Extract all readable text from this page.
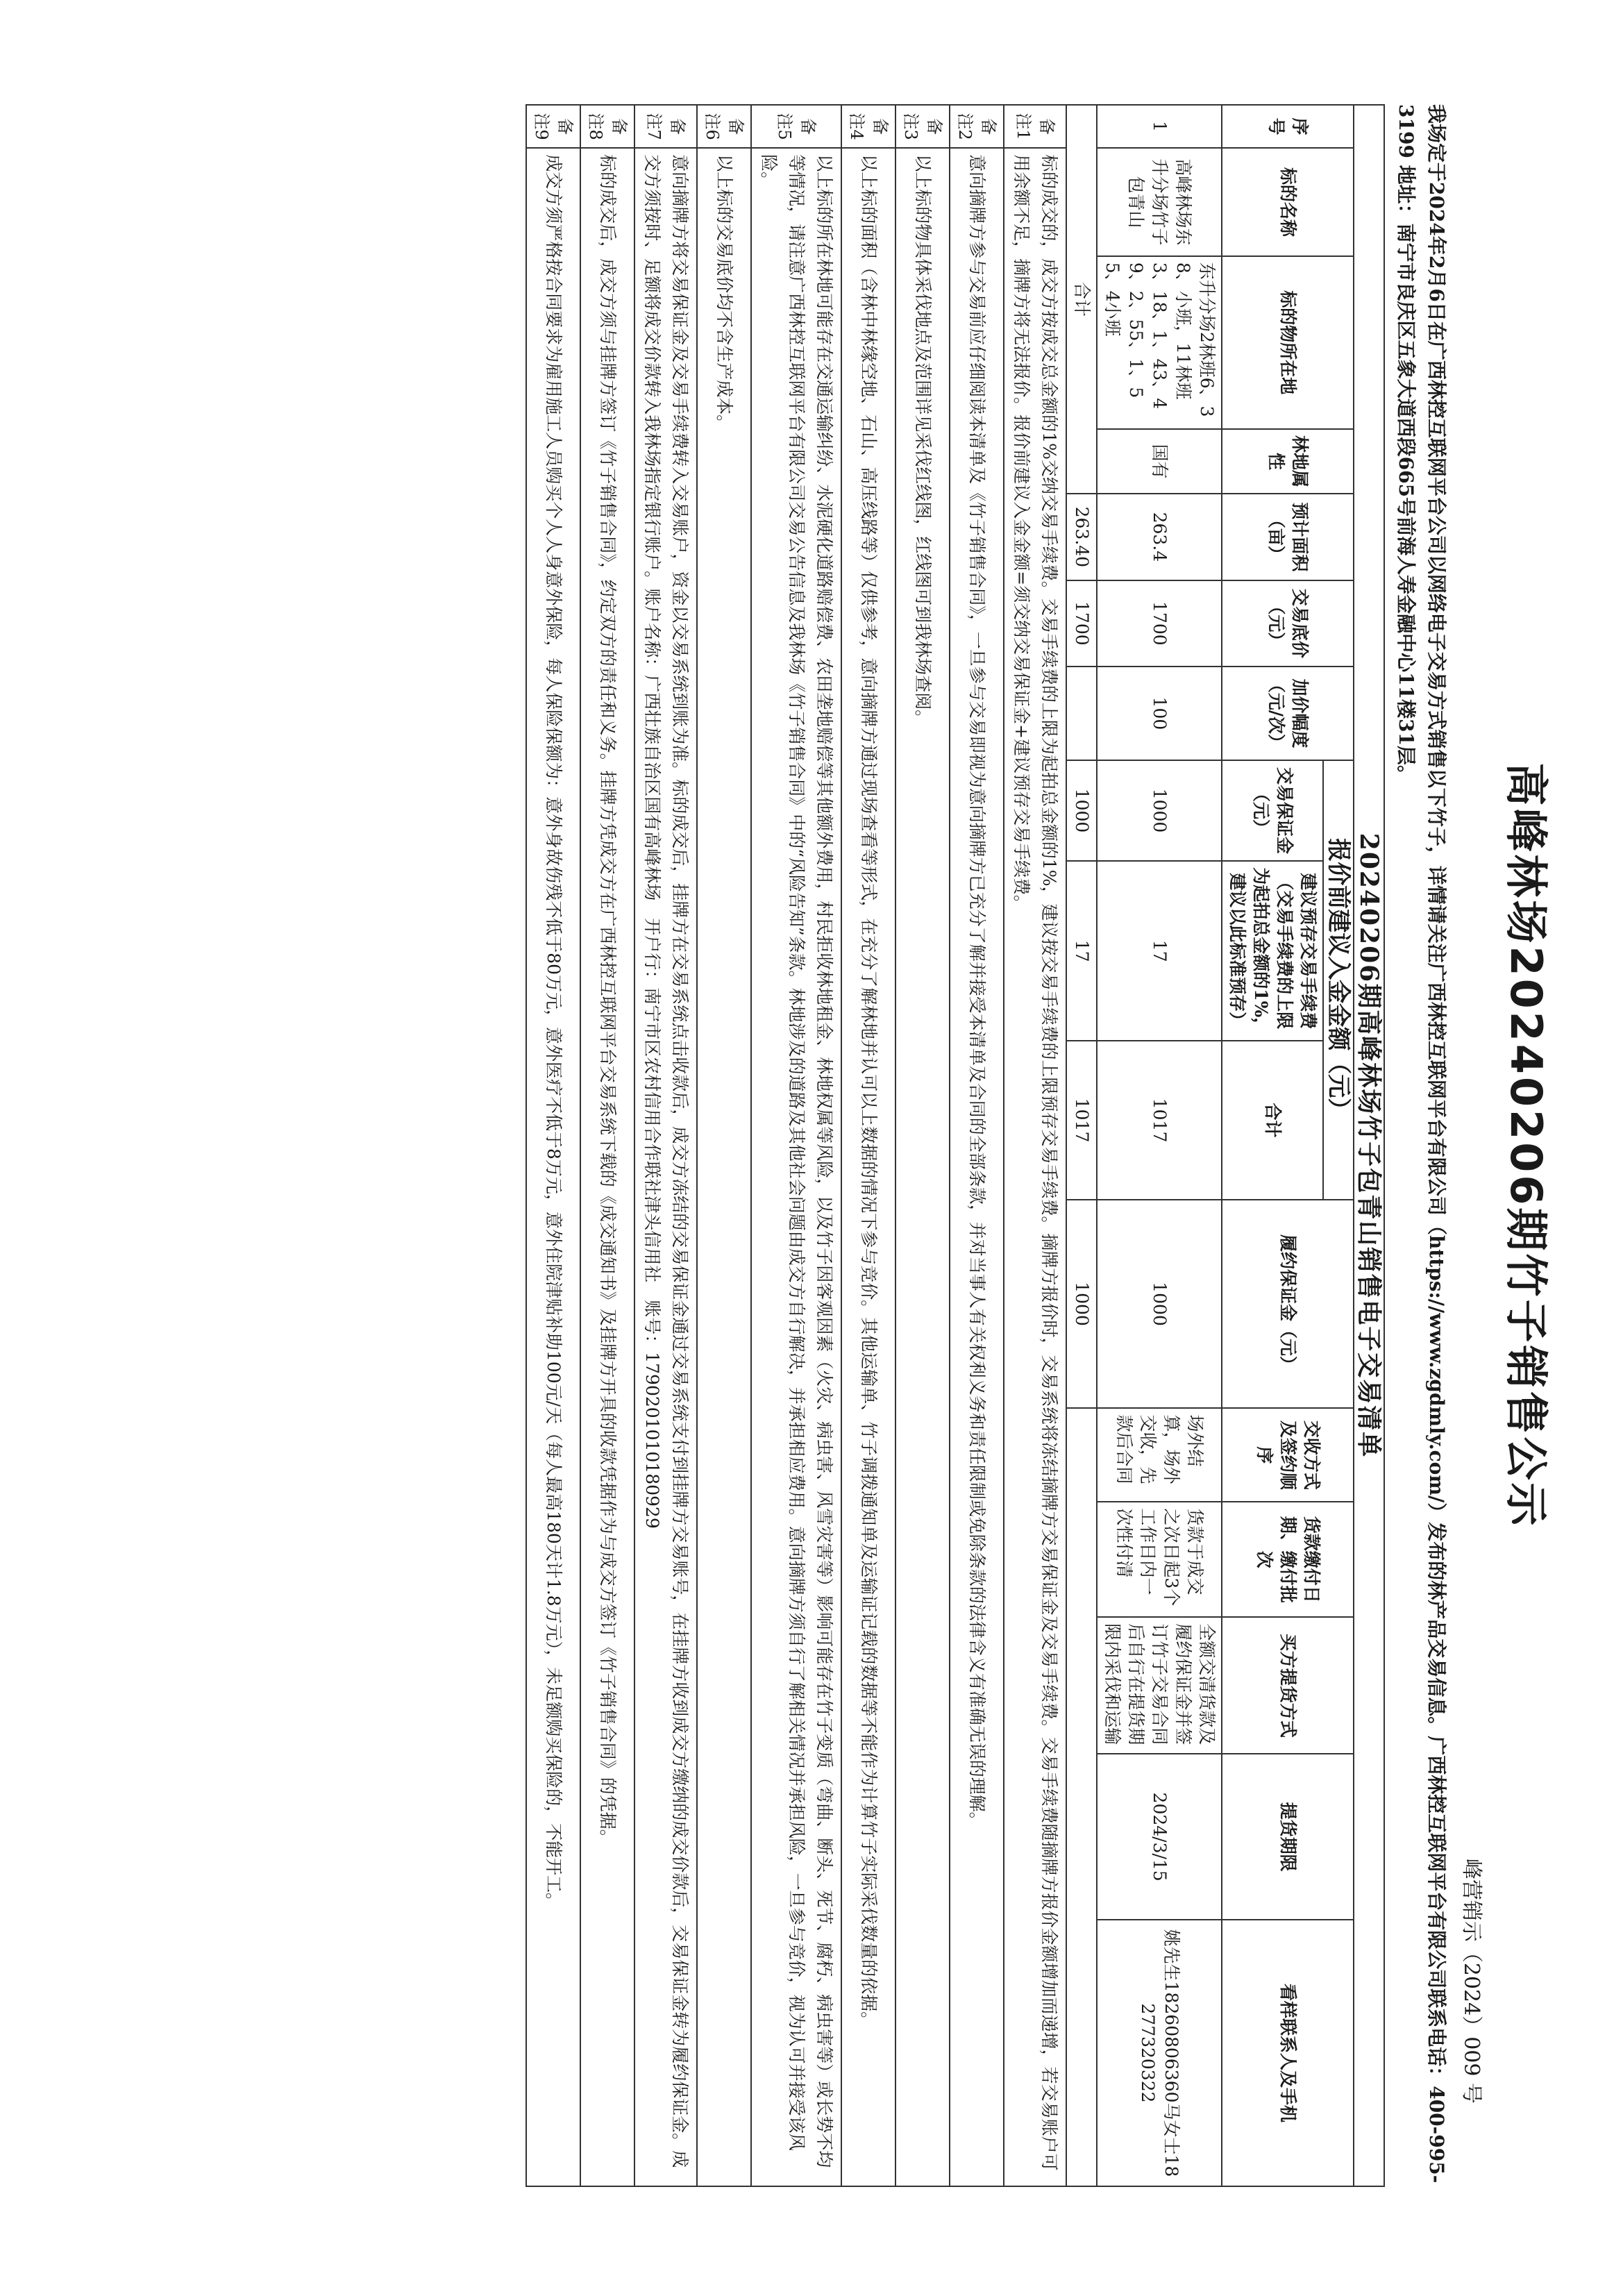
高峰林场20240206期竹子销售公示
峰营销示（2024）009 号
我场定于2024年2月6日在广西林控互联网平台公司以网络电子交易方式销售以下竹子，详情请关注广西林控互联网平台有限公司（https://www.zgdmly.com/）发布的林产品交易信息。广西林控互联网平台有限公司联系电话：400-995-3199 地址：南宁市良庆区五象大道西段665号前海人寿金融中心11楼31层。
20240206期高峰林场竹子包青山销售电子交易清单															
序号	标的名称	标的物所在地	林地属性	预计面积（亩）	交易底价（元）	加价幅度（元/次）	报价前建议入金金额（元）			履约保证金（元）	交收方式及签约顺序	货款缴付日期、缴付批次	买方提货方式	提货期限	看样联系人及手机
							交易保证金（元）	建议预存交易手续费（交易手续费的上限为起拍总金额的1%，建议以此标准预存）	合计						
1	高峰林场东升分场竹子包青山	东升分场2林班6、38、小班，11林班3、18、1、43、49、2、55、1、55、4小班	国有	263.4	1700	100	1000	17	1017	1000	场外结算，场外交收，先款后合同	货款于成交之次日起3个工作日内一次性付清	全额交清货款及履约保证金并签订竹子交易合同后自行在提货期限内采伐和运输	2024/3/15	姚先生18260806360马女士18277320322
合计				263.40	1700		1000	17	1017	1000					
备注1	标的成交的，成交方按成交总金额的1%交纳交易手续费。交易手续费的上限为起拍总金额的1%，建议按交易手续费的上限预存交易手续费。摘牌方报价时，交易系统将冻结摘牌方交易保证金及交易手续费。交易手续费随摘牌方报价金额增加而递增，若交易账户可用余额不足，摘牌方将无法报价。报价前建议入金金额=须交纳交易保证金+建议预存交易手续费。														
备注2	意向摘牌方参与交易前应仔细阅读本清单及《竹子销售合同》，一旦参与交易即视为意向摘牌方已充分了解并接受本清单及合同的全部条款，并对当事人有关权利义务和责任限制或免除条款的法律含义有准确无误的理解。														
备注3	以上标的物具体采伐地点及范围详见采伐红线图，红线图可到我林场查阅。														
备注4	以上标的面积（含林中林缘空地、石山、高压线路等）仅供参考，意向摘牌方通过现场查看等形式，在充分了解林地并认可以上数据的情况下参与竞价。其他运输单、竹子调拨通知单及运输证记载的数据等不能作为计算竹子实际采伐数量的依据。														
备注5	以上标的所在林地可能存在交通运输纠纷、水泥硬化道路赔偿费、农田垄地赔偿等其他额外费用，村民拒收林地租金、林地权属等风险，以及竹子因客观因素（火灾、病虫害、风雪灾害等）影响可能存在竹子变质（弯曲、断头、死节、腐朽、病虫害等）或长势不均等情况，请注意广西林控互联网平台有限公司交易公告信息及我林场《竹子销售合同》中的“风险告知”条款。林地涉及的道路及其他社会问题由成交方自行解决，并承担相应费用。意向摘牌方须自行了解相关情况并承担风险，一旦参与竞价，视为认可并接受该风险。														
备注6	以上标的交易底价均不含生产成本。														
备注7	意向摘牌方将交易保证金及交易手续费转入交易账户，资金以交易系统到账为准。标的成交后，挂牌方在交易系统点击收款后，成交方冻结的交易保证金通过交易系统支付到挂牌方交易账号，在挂牌方收到成交方缴纳的成交价款后，交易保证金转为履约保证金。成交方须按时、足额将成交价款转入我林场指定银行账户。账户名称：广西壮族自治区国有高峰林场　开户行：南宁市区农村信用合作联社津头信用社　账号：1790201010180929														
备注8	标的成交后，成交方须与挂牌方签订《竹子销售合同》，约定双方的责任和义务。挂牌方凭成交方在广西林控互联网平台交易系统下载的《成交通知书》及挂牌方开具的收款凭据作为与成交方签订《竹子销售合同》的凭据。														
备注9	成交方须严格按合同要求为雇用施工人员购买个人人身意外保险，每人保险保额为：意外身故伤残不低于80万元，意外医疗不低于8万元，意外住院津贴补助100元/天（每人最高180天计1.8万元），未足额购买保险的，不能开工。														
